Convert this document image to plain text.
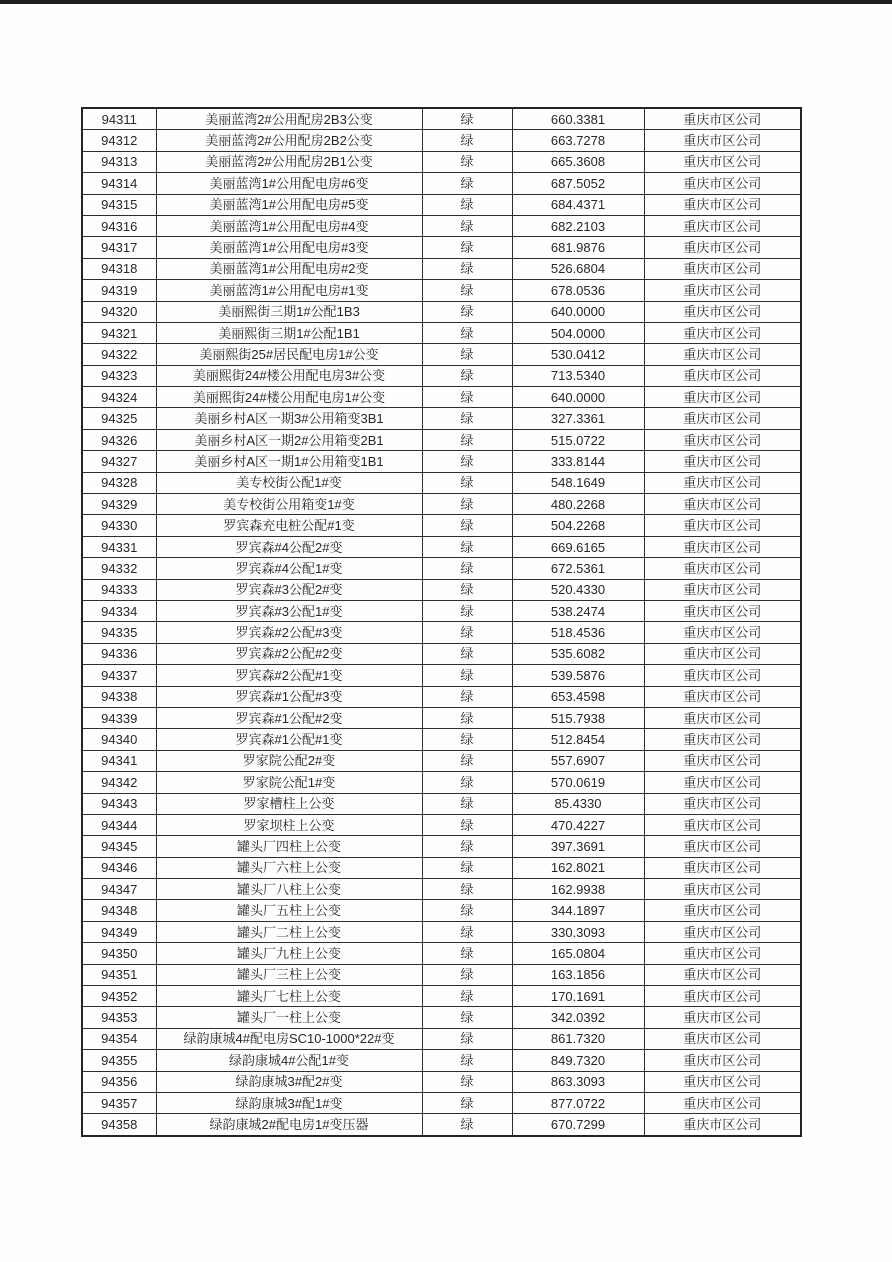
94311	美丽蓝湾2#公用配房2B3公变	绿	660.3381	重庆市区公司
94312	美丽蓝湾2#公用配房2B2公变	绿	663.7278	重庆市区公司
94313	美丽蓝湾2#公用配房2B1公变	绿	665.3608	重庆市区公司
94314	美丽蓝湾1#公用配电房#6变	绿	687.5052	重庆市区公司
94315	美丽蓝湾1#公用配电房#5变	绿	684.4371	重庆市区公司
94316	美丽蓝湾1#公用配电房#4变	绿	682.2103	重庆市区公司
94317	美丽蓝湾1#公用配电房#3变	绿	681.9876	重庆市区公司
94318	美丽蓝湾1#公用配电房#2变	绿	526.6804	重庆市区公司
94319	美丽蓝湾1#公用配电房#1变	绿	678.0536	重庆市区公司
94320	美丽熙街三期1#公配1B3	绿	640.0000	重庆市区公司
94321	美丽熙街三期1#公配1B1	绿	504.0000	重庆市区公司
94322	美丽熙街25#居民配电房1#公变	绿	530.0412	重庆市区公司
94323	美丽熙街24#楼公用配电房3#公变	绿	713.5340	重庆市区公司
94324	美丽熙街24#楼公用配电房1#公变	绿	640.0000	重庆市区公司
94325	美丽乡村A区一期3#公用箱变3B1	绿	327.3361	重庆市区公司
94326	美丽乡村A区一期2#公用箱变2B1	绿	515.0722	重庆市区公司
94327	美丽乡村A区一期1#公用箱变1B1	绿	333.8144	重庆市区公司
94328	美专校街公配1#变	绿	548.1649	重庆市区公司
94329	美专校街公用箱变1#变	绿	480.2268	重庆市区公司
94330	罗宾森充电桩公配#1变	绿	504.2268	重庆市区公司
94331	罗宾森#4公配2#变	绿	669.6165	重庆市区公司
94332	罗宾森#4公配1#变	绿	672.5361	重庆市区公司
94333	罗宾森#3公配2#变	绿	520.4330	重庆市区公司
94334	罗宾森#3公配1#变	绿	538.2474	重庆市区公司
94335	罗宾森#2公配#3变	绿	518.4536	重庆市区公司
94336	罗宾森#2公配#2变	绿	535.6082	重庆市区公司
94337	罗宾森#2公配#1变	绿	539.5876	重庆市区公司
94338	罗宾森#1公配#3变	绿	653.4598	重庆市区公司
94339	罗宾森#1公配#2变	绿	515.7938	重庆市区公司
94340	罗宾森#1公配#1变	绿	512.8454	重庆市区公司
94341	罗家院公配2#变	绿	557.6907	重庆市区公司
94342	罗家院公配1#变	绿	570.0619	重庆市区公司
94343	罗家槽柱上公变	绿	85.4330	重庆市区公司
94344	罗家坝柱上公变	绿	470.4227	重庆市区公司
94345	罐头厂四柱上公变	绿	397.3691	重庆市区公司
94346	罐头厂六柱上公变	绿	162.8021	重庆市区公司
94347	罐头厂八柱上公变	绿	162.9938	重庆市区公司
94348	罐头厂五柱上公变	绿	344.1897	重庆市区公司
94349	罐头厂二柱上公变	绿	330.3093	重庆市区公司
94350	罐头厂九柱上公变	绿	165.0804	重庆市区公司
94351	罐头厂三柱上公变	绿	163.1856	重庆市区公司
94352	罐头厂七柱上公变	绿	170.1691	重庆市区公司
94353	罐头厂一柱上公变	绿	342.0392	重庆市区公司
94354	绿韵康城4#配电房SC10-1000*22#变	绿	861.7320	重庆市区公司
94355	绿韵康城4#公配1#变	绿	849.7320	重庆市区公司
94356	绿韵康城3#配2#变	绿	863.3093	重庆市区公司
94357	绿韵康城3#配1#变	绿	877.0722	重庆市区公司
94358	绿韵康城2#配电房1#变压器	绿	670.7299	重庆市区公司
